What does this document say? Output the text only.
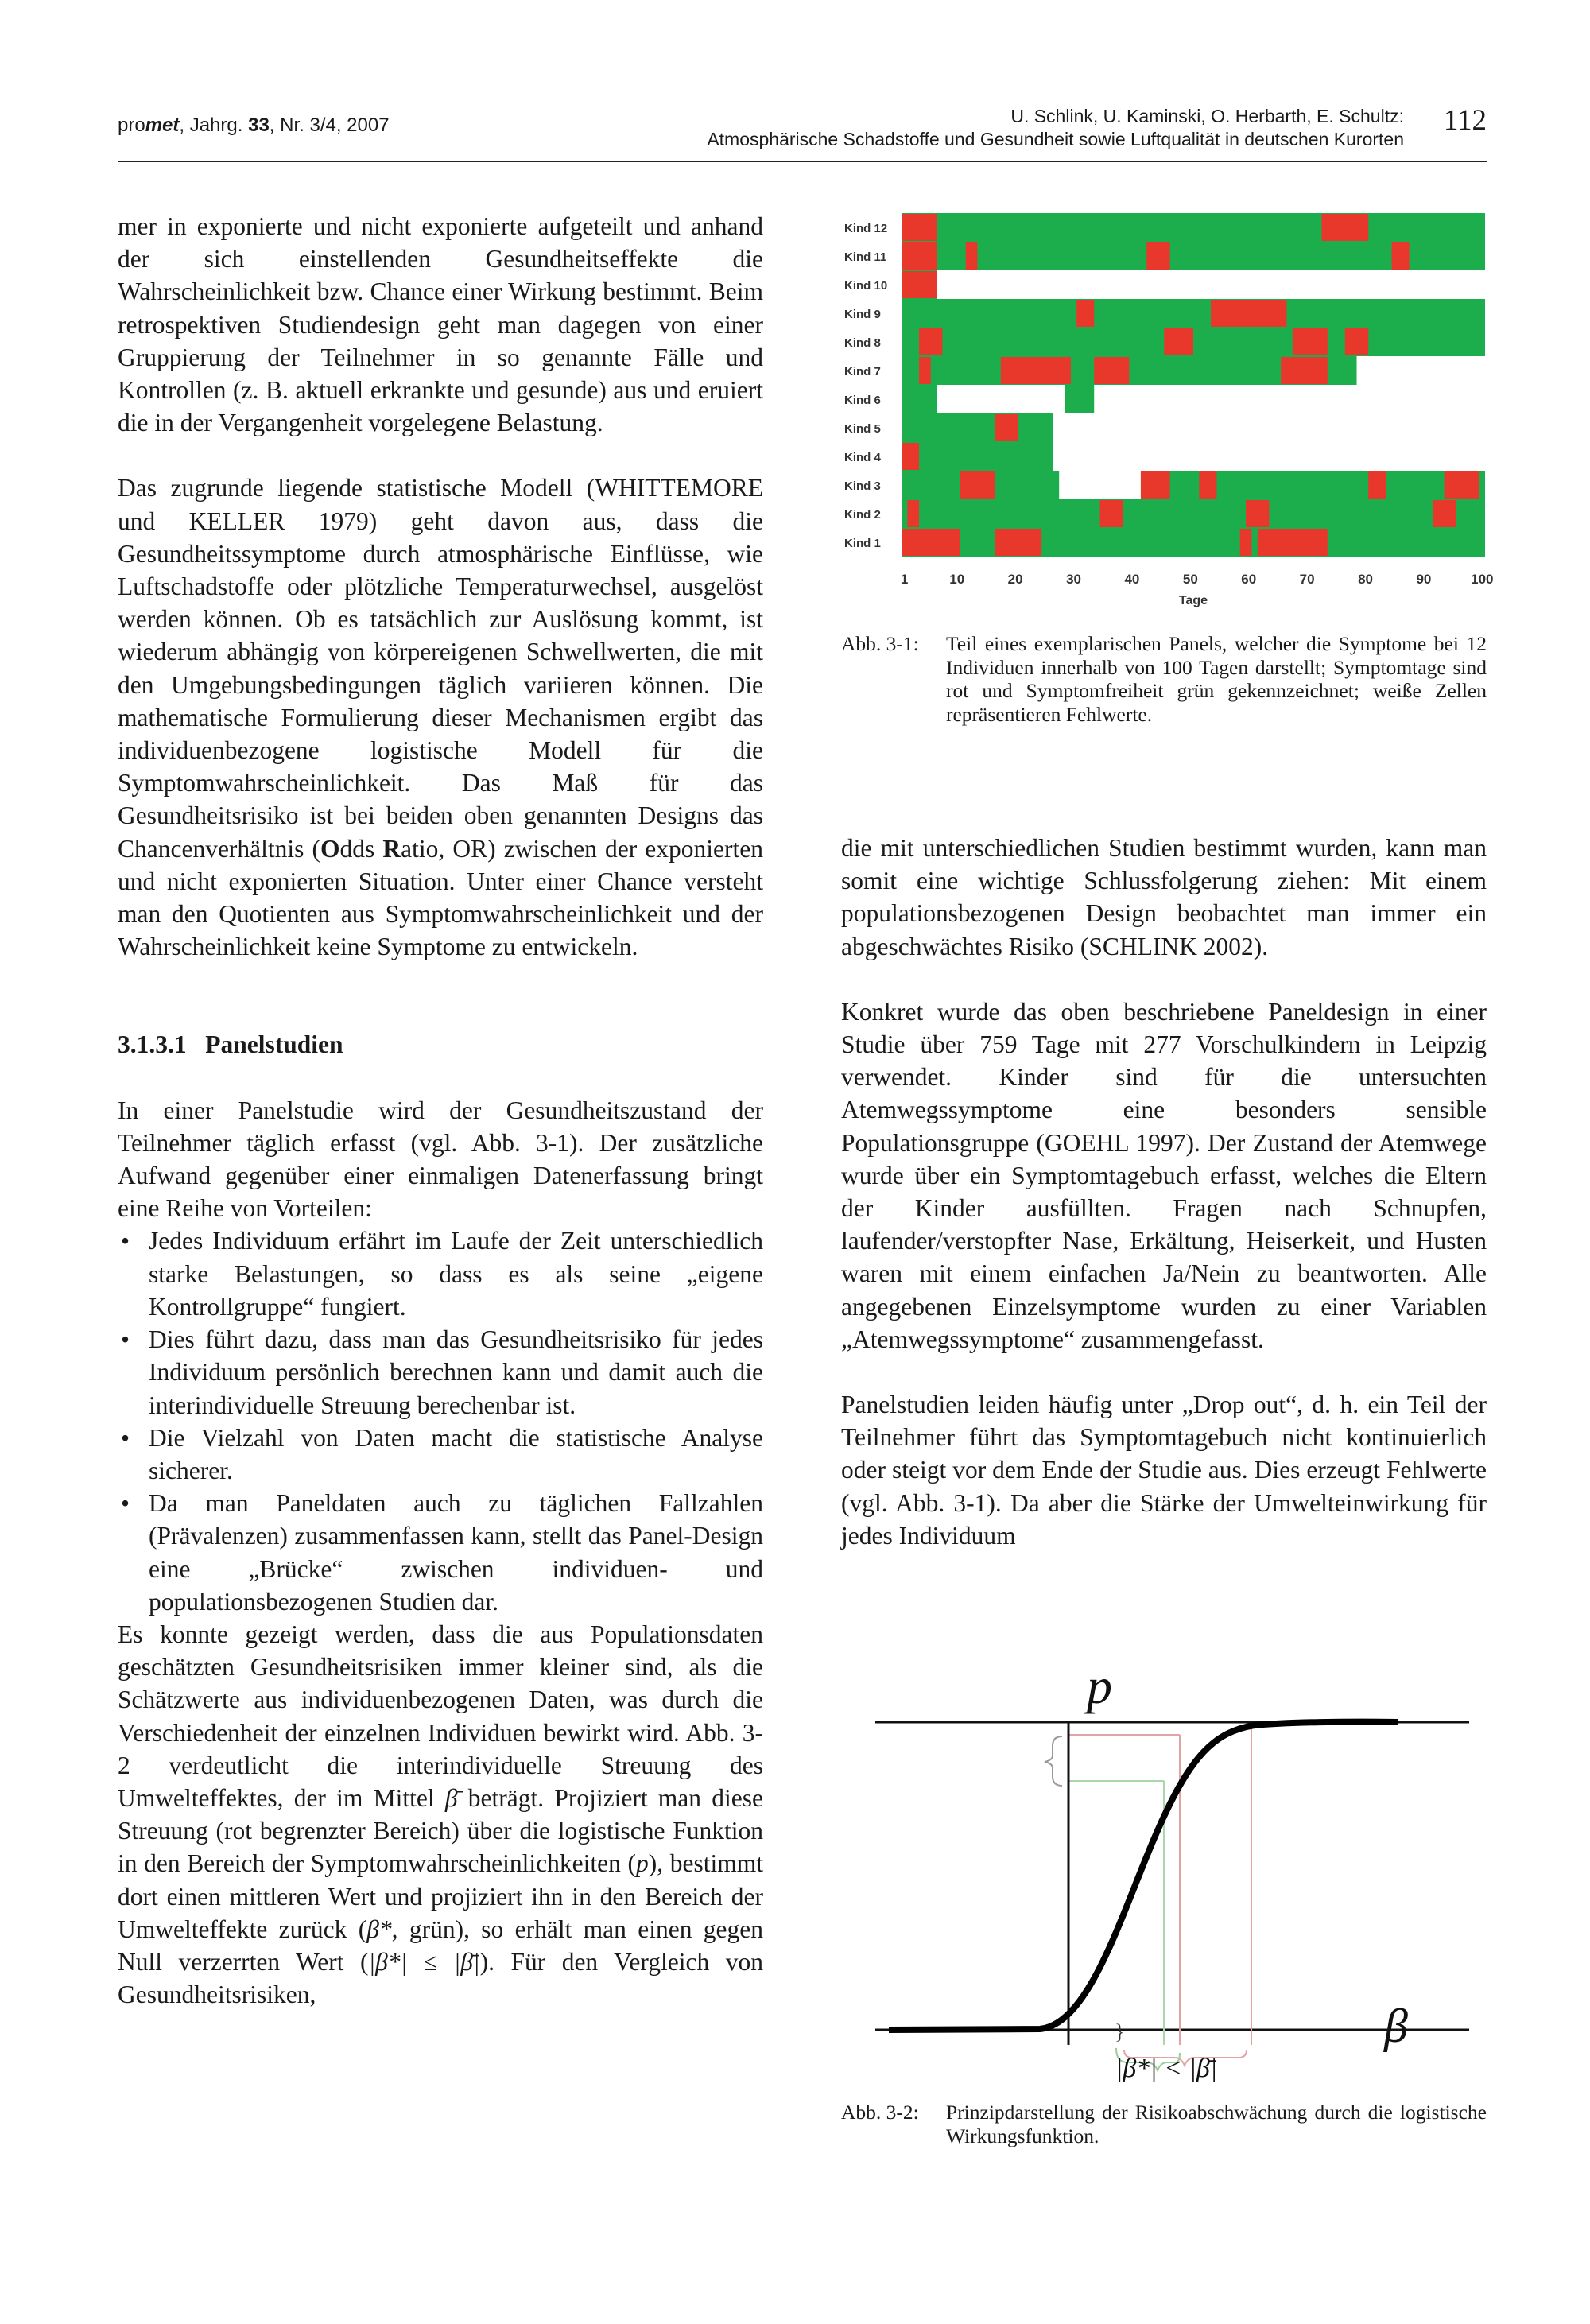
promet, Jahrg. 33, Nr. 3/4, 2007	U. Schlink, U. Kaminski, O. Herbarth, E. Schultz:
Atmosphärische Schadstoffe und Gesundheit sowie Luftqualität in deutschen Kurorten
112

mer in exponierte und nicht exponierte aufgeteilt und anhand der sich einstellenden Gesundheitseffekte die Wahrscheinlichkeit bzw. Chance einer Wirkung bestimmt. Beim retrospektiven Studiendesign geht man dagegen von einer Gruppierung der Teilnehmer in so genannte Fälle und Kontrollen (z. B. aktuell erkrankte und gesunde) aus und eruiert die in der Vergangenheit vorgelegene Belastung.

Das zugrunde liegende statistische Modell (WHITTEMORE und KELLER 1979) geht davon aus, dass die Gesundheitssymptome durch atmosphärische Einflüsse, wie Luftschadstoffe oder plötzliche Temperaturwechsel, ausgelöst werden können. Ob es tatsächlich zur Auslösung kommt, ist wiederum abhängig von körpereigenen Schwellwerten, die mit den Umgebungsbedingungen täglich variieren können. Die mathematische Formulierung dieser Mechanismen ergibt das individuenbezogene logistische Modell für die Symptomwahrscheinlichkeit. Das Maß für das Gesundheitsrisiko ist bei beiden oben genannten Designs das Chancenverhältnis (Odds Ratio, OR) zwischen der exponierten und nicht exponierten Situation. Unter einer Chance versteht man den Quotienten aus Symptomwahrscheinlichkeit und der Wahrscheinlichkeit keine Symptome zu entwickeln.

3.1.3.1   Panelstudien

In einer Panelstudie wird der Gesundheitszustand der Teilnehmer täglich erfasst (vgl. Abb. 3-1). Der zusätzliche Aufwand gegenüber einer einmaligen Datenerfassung bringt eine Reihe von Vorteilen:

• Jedes Individuum erfährt im Laufe der Zeit unterschiedlich starke Belastungen, so dass es als seine „eigene Kontrollgruppe“ fungiert.
• Dies führt dazu, dass man das Gesundheitsrisiko für jedes Individuum persönlich berechnen kann und damit auch die interindividuelle Streuung berechenbar ist.
• Die Vielzahl von Daten macht die statistische Analyse sicherer.
• Da man Paneldaten auch zu täglichen Fallzahlen (Prävalenzen) zusammenfassen kann, stellt das Panel-Design eine „Brücke“ zwischen individuen- und populationsbezogenen Studien dar.

Es konnte gezeigt werden, dass die aus Populationsdaten geschätzten Gesundheitsrisiken immer kleiner sind, als die Schätzwerte aus individuenbezogenen Daten, was durch die Verschiedenheit der einzelnen Individuen bewirkt wird. Abb. 3-2 verdeutlicht die interindividuelle Streuung des Umwelteffektes, der im Mittel β̄ beträgt. Projiziert man diese Streuung (rot begrenzter Bereich) über die logistische Funktion in den Bereich der Symptomwahrscheinlichkeiten (p), bestimmt dort einen mittleren Wert und projiziert ihn in den Bereich der Umwelteffekte zurück (β*, grün), so erhält man einen gegen Null verzerrten Wert (|β*| ≤ |β̄|). Für den Vergleich von Gesundheitsrisiken,

Kind 12
Kind 11
Kind 10
Kind 9
Kind 8
Kind 7
Kind 6
Kind 5
Kind 4
Kind 3
Kind 2
Kind 1
1	10	20	30	40	50	60	70	80	90	100
Tage
Abb. 3-1: Teil eines exemplarischen Panels, welcher die Symptome bei 12 Individuen innerhalb von 100 Tagen darstellt; Symptomtage sind rot und Symptomfreiheit grün gekennzeichnet; weiße Zellen repräsentieren Fehlwerte.

die mit unterschiedlichen Studien bestimmt wurden, kann man somit eine wichtige Schlussfolgerung ziehen: Mit einem populationsbezogenen Design beobachtet man immer ein abgeschwächtes Risiko (SCHLINK 2002).

Konkret wurde das oben beschriebene Paneldesign in einer Studie über 759 Tage mit 277 Vorschulkindern in Leipzig verwendet. Kinder sind für die untersuchten Atemwegssymptome eine besonders sensible Populationsgruppe (GOEHL 1997). Der Zustand der Atemwege wurde über ein Symptomtagebuch erfasst, welches die Eltern der Kinder ausfüllten. Fragen nach Schnupfen, laufender/verstopfter Nase, Erkältung, Heiserkeit, und Husten waren mit einem einfachen Ja/Nein zu beantworten. Alle angegebenen Einzelsymptome wurden zu einer Variablen „Atemwegssymptome“ zusammengefasst.

Panelstudien leiden häufig unter „Drop out“, d. h. ein Teil der Teilnehmer führt das Symptomtagebuch nicht kontinuierlich oder steigt vor dem Ende der Studie aus. Dies erzeugt Fehlwerte (vgl. Abb. 3-1). Da aber die Stärke der Umwelteinwirkung für jedes Individuum

}
p
β
|β*| < |β̄|
Abb. 3-2: Prinzipdarstellung der Risikoabschwächung durch die logistische Wirkungsfunktion.
